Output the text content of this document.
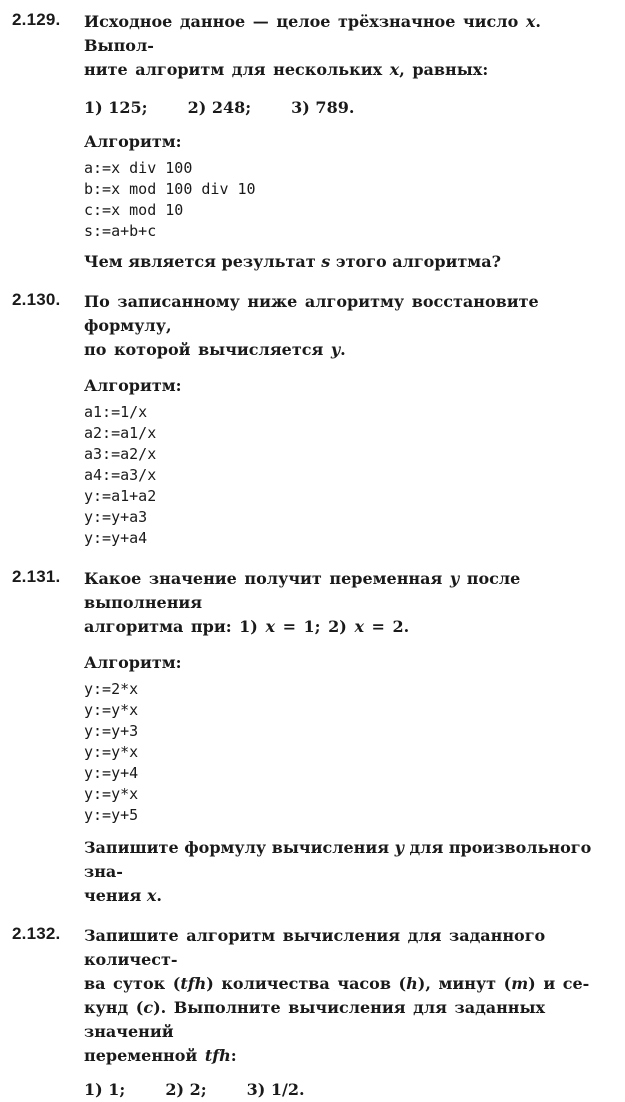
2.129. Исходное данное — целое трёхзначное число x. Выпол-
ните алгоритм для нескольких x, равных:

1) 125;	2) 248;	3) 789.
Алгоритм:
a:=x div 100
b:=x mod 100 div 10
c:=x mod 10
s:=a+b+c

Чем является результат s этого алгоритма?

2.130. По записанному ниже алгоритму восстановите формулу,
по которой вычисляется y.

Алгоритм:
a1:=1/x
a2:=a1/x
a3:=a2/x
a4:=a3/x
y:=a1+a2
y:=y+a3
y:=y+a4
2.131. Какое значение получит переменная y после выполнения
алгоритма при: 1) x = 1; 2) x = 2.

Алгоритм:
y:=2*x
y:=y*x
y:=y+3
y:=y*x
y:=y+4
y:=y*x
y:=y+5

Запишите формулу вычисления y для произвольного зна-
чения x.

2.132. Запишите алгоритм вычисления для заданного количест-
ва суток (tfh) количества часов (h), минут (m) и се-
кунд (c). Выполните вычисления для заданных значений
переменной tfh:

1) 1;	2) 2;	3) 1/2.
